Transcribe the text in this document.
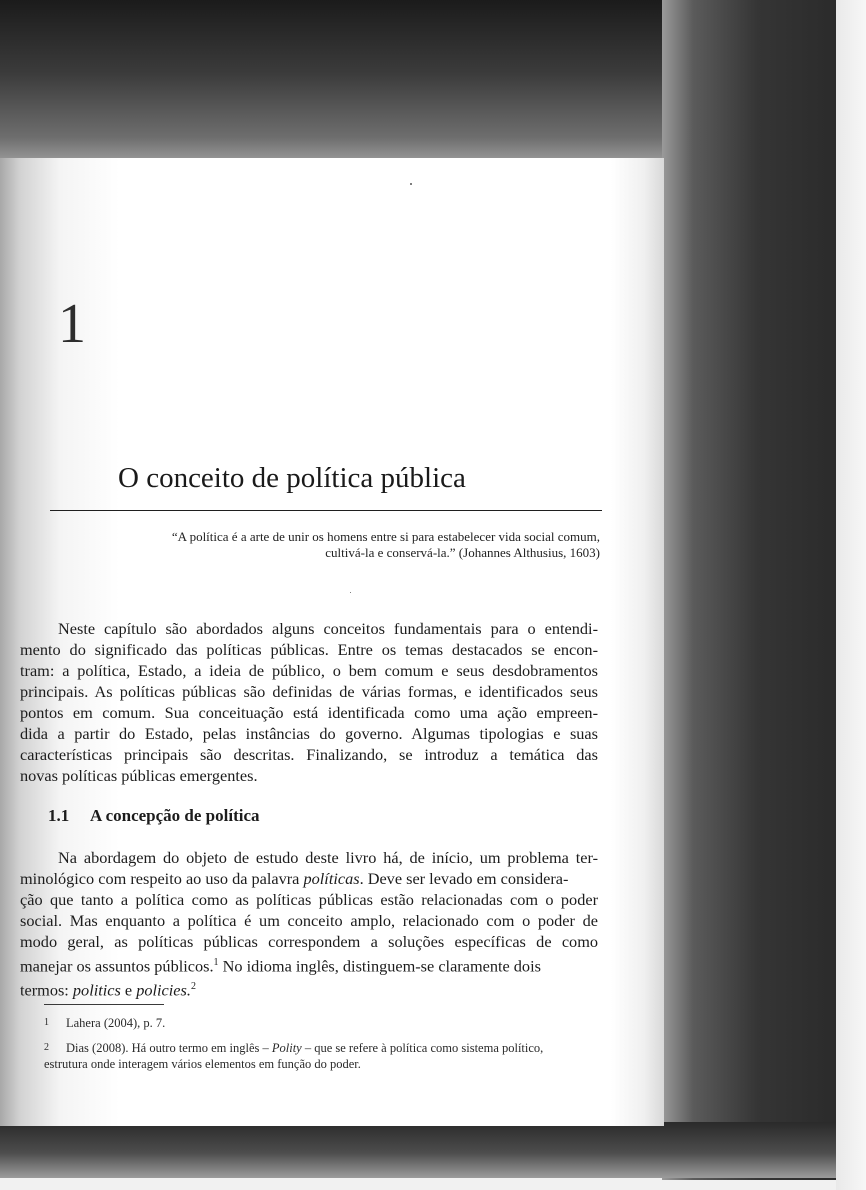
1
O conceito de política pública
“A política é a arte de unir os homens entre si para estabelecer vida social comum,
cultivá-la e conservá-la.” (Johannes Althusius, 1603)
Neste capítulo são abordados alguns conceitos fundamentais para o entendi-
mento do significado das políticas públicas. Entre os temas destacados se encon-
tram: a política, Estado, a ideia de público, o bem comum e seus desdobramentos
principais. As políticas públicas são definidas de várias formas, e identificados seus
pontos em comum. Sua conceituação está identificada como uma ação empreen-
dida a partir do Estado, pelas instâncias do governo. Algumas tipologias e suas
características principais são descritas. Finalizando, se introduz a temática das
novas políticas públicas emergentes.
1.1 A concepção de política
Na abordagem do objeto de estudo deste livro há, de início, um problema ter-
minológico com respeito ao uso da palavra políticas. Deve ser levado em considera-
ção que tanto a política como as políticas públicas estão relacionadas com o poder
social. Mas enquanto a política é um conceito amplo, relacionado com o poder de
modo geral, as políticas públicas correspondem a soluções específicas de como
manejar os assuntos públicos.$^1$ No idioma inglês, distinguem-se claramente dois
termos: politics e policies.$^2$
1 Lahera (2004), p. 7.
2 Dias (2008). Há outro termo em inglês – Polity – que se refere à política como sistema político,
estrutura onde interagem vários elementos em função do poder.
